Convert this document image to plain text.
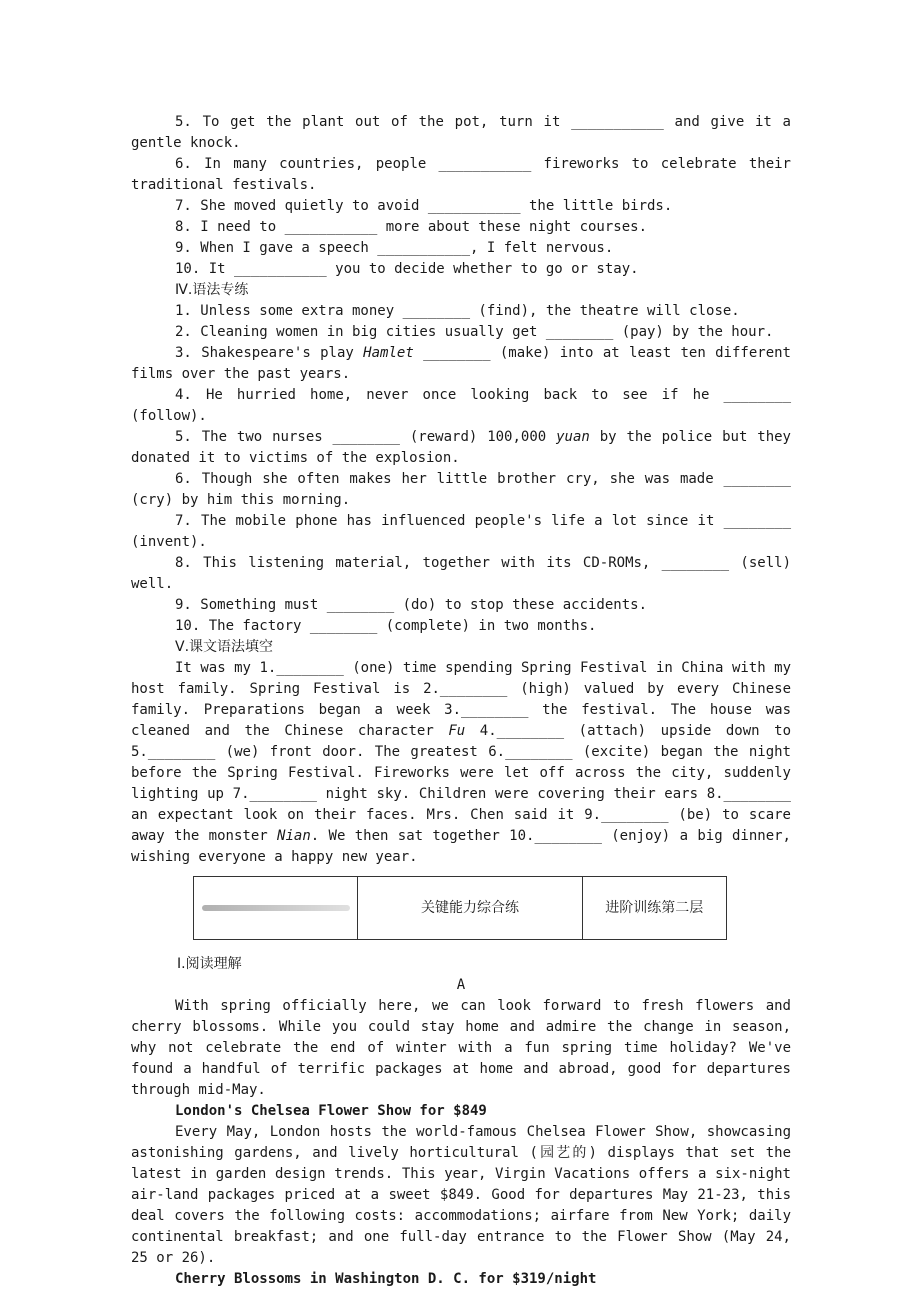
5. To get the plant out of the pot, turn it ___________ and give it a gentle knock.

6. In many countries, people ___________ fireworks to celebrate their traditional festivals.

7. She moved quietly to avoid ___________ the little birds.

8. I need to ___________ more about these night courses.

9. When I gave a speech ___________, I felt nervous.

10. It ___________ you to decide whether to go or stay.

Ⅳ.语法专练

1. Unless some extra money ________ (find), the theatre will close.

2. Cleaning women in big cities usually get ________ (pay) by the hour.

3. Shakespeare's play Hamlet ________ (make) into at least ten different films over the past years.

4. He hurried home, never once looking back to see if he ________ (follow).

5. The two nurses ________ (reward) 100,000 yuan by the police but they donated it to victims of the explosion.

6. Though she often makes her little brother cry, she was made ________ (cry) by him this morning.

7. The mobile phone has influenced people's life a lot since it ________ (invent).

8. This listening material, together with its CD-ROMs, ________ (sell) well.

9. Something must ________ (do) to stop these accidents.

10. The factory ________ (complete) in two months.

Ⅴ.课文语法填空

It was my 1.________ (one) time spending Spring Festival in China with my host family. Spring Festival is 2.________ (high) valued by every Chinese family. Preparations began a week 3.________ the festival. The house was cleaned and the Chinese character Fu 4.________ (attach) upside down to 5.________ (we) front door. The greatest 6.________ (excite) began the night before the Spring Festival. Fireworks were let off across the city, suddenly lighting up 7.________ night sky. Children were covering their ears 8.________ an expectant look on their faces. Mrs. Chen said it 9.________ (be) to scare away the monster Nian. We then sat together 10.________ (enjoy) a big dinner, wishing everyone a happy new year.

关键能力综合练	进阶训练第二层

Ⅰ.阅读理解

A

With spring officially here, we can look forward to fresh flowers and cherry blossoms. While you could stay home and admire the change in season, why not celebrate the end of winter with a fun spring time holiday? We've found a handful of terrific packages at home and abroad, good for departures through mid-May.

London's Chelsea Flower Show for $849

Every May, London hosts the world-famous Chelsea Flower Show, showcasing astonishing gardens, and lively horticultural (园艺的) displays that set the latest in garden design trends. This year, Virgin Vacations offers a six-night air-land packages priced at a sweet $849. Good for departures May 21-23, this deal covers the following costs: accommodations; airfare from New York; daily continental breakfast; and one full-day entrance to the Flower Show (May 24, 25 or 26).

Cherry Blossoms in Washington D. C. for $319/night
